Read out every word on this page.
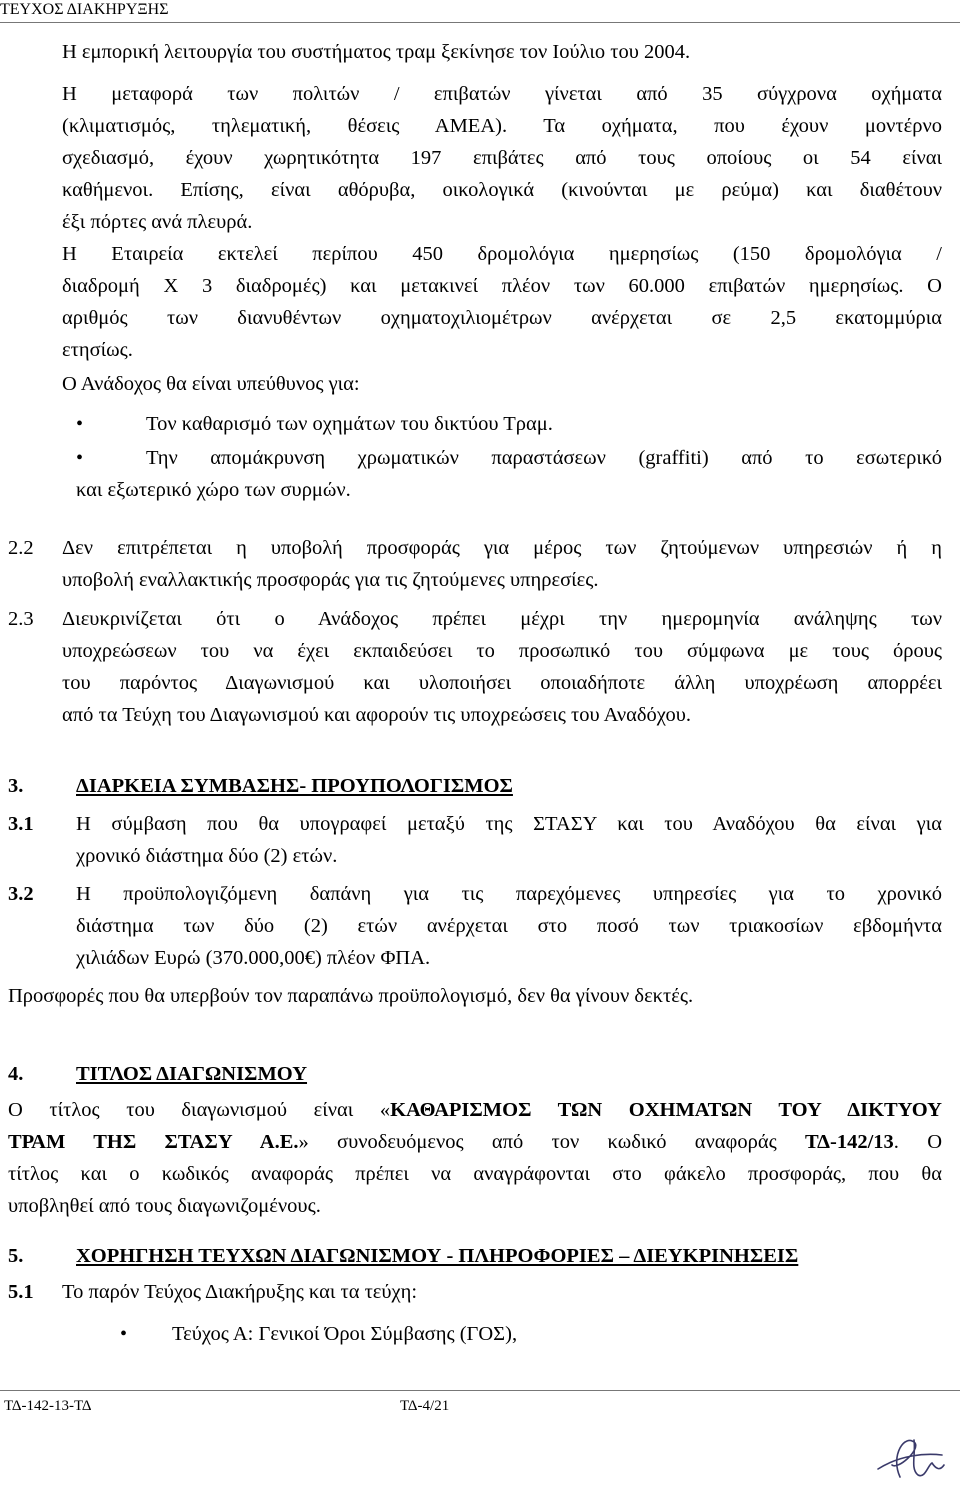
ΤΕΥΧΟΣ ΔΙΑΚΗΡΥΞΗΣ
Η εμπορική λειτουργία του συστήματος τραμ ξεκίνησε τον Ιούλιο του 2004.
Η μεταφορά των πολιτών / επιβατών γίνεται από 35 σύγχρονα οχήματα
(κλιματισμός, τηλεματική, θέσεις ΑΜΕΑ). Τα οχήματα, που έχουν μοντέρνο
σχεδιασμό, έχουν χωρητικότητα 197 επιβάτες από τους οποίους οι 54 είναι
καθήμενοι. Επίσης, είναι αθόρυβα, οικολογικά (κινούνται με ρεύμα) και διαθέτουν
έξι πόρτες ανά πλευρά.
Η Εταιρεία εκτελεί περίπου 450 δρομολόγια ημερησίως (150 δρομολόγια /
διαδρομή Χ 3 διαδρομές) και μετακινεί πλέον των 60.000 επιβατών ημερησίως. Ο
αριθμός των διανυθέντων οχηματοχιλιομέτρων ανέρχεται σε 2,5 εκατομμύρια
ετησίως.
Ο Ανάδοχος θα είναι υπεύθυνος για:
•	Τον καθαρισμό των οχημάτων του δικτύου Τραμ.
•	Την απομάκρυνση χρωματικών παραστάσεων (graffiti) από το εσωτερικό
και εξωτερικό χώρο των συρμών.
2.2 Δεν επιτρέπεται η υποβολή προσφοράς για μέρος των ζητούμενων υπηρεσιών ή η
υποβολή εναλλακτικής προσφοράς για τις ζητούμενες υπηρεσίες.
2.3 Διευκρινίζεται ότι ο Ανάδοχος πρέπει μέχρι την ημερομηνία ανάληψης των
υποχρεώσεων του να έχει εκπαιδεύσει το προσωπικό του σύμφωνα με τους όρους
του παρόντος Διαγωνισμού και υλοποιήσει οποιαδήποτε άλλη υποχρέωση απορρέει
από τα Τεύχη του Διαγωνισμού και αφορούν τις υποχρεώσεις του Αναδόχου.
3.	ΔΙΑΡΚΕΙΑ ΣΥΜΒΑΣΗΣ- ΠΡΟΥΠΟΛΟΓΙΣΜΟΣ
3.1 Η σύμβαση που θα υπογραφεί μεταξύ της ΣΤΑΣΥ και του Αναδόχου θα είναι για
χρονικό διάστημα δύο (2) ετών.
3.2 Η προϋπολογιζόμενη δαπάνη για τις παρεχόμενες υπηρεσίες για το χρονικό
διάστημα των δύο (2) ετών ανέρχεται στο ποσό των τριακοσίων εβδομήντα
χιλιάδων Ευρώ (370.000,00€) πλέον ΦΠΑ.
Προσφορές που θα υπερβούν τον παραπάνω προϋπολογισμό, δεν θα γίνουν δεκτές.
4.	ΤΙΤΛΟΣ ΔΙΑΓΩΝΙΣΜΟΥ
Ο τίτλος του διαγωνισμού είναι «ΚΑΘΑΡΙΣΜΟΣ ΤΩΝ ΟΧΗΜΑΤΩΝ ΤΟΥ ΔΙΚΤΥΟΥ
ΤΡΑΜ ΤΗΣ ΣΤΑΣΥ Α.Ε.» συνοδευόμενος από τον κωδικό αναφοράς ΤΔ-142/13. Ο
τίτλος και ο κωδικός αναφοράς πρέπει να αναγράφονται στο φάκελο προσφοράς, που θα
υποβληθεί από τους διαγωνιζομένους.
5.	ΧΟΡΗΓΗΣΗ ΤΕΥΧΩΝ ΔΙΑΓΩΝΙΣΜΟΥ - ΠΛΗΡΟΦΟΡΙΕΣ – ΔΙΕΥΚΡΙΝΗΣΕΙΣ
5.1 Το παρόν Τεύχος Διακήρυξης και τα τεύχη:
• Τεύχος Α: Γενικοί Όροι Σύμβασης (ΓΟΣ),
ΤΔ-142-13-ΤΔ	ΤΔ-4/21
